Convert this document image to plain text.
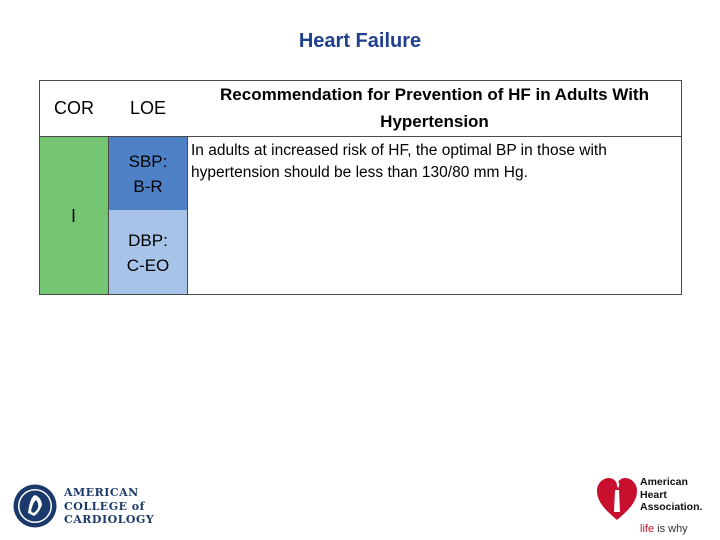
Heart Failure
COR	LOE
Recommendation for Prevention of HF in Adults With Hypertension
I
SBP:
B-R
DBP:
C-EO
In adults at increased risk of HF, the optimal BP in those with hypertension should be less than 130/80 mm Hg.
AMERICAN
COLLEGE of
CARDIOLOGY
American
Heart
Association.
life is why
